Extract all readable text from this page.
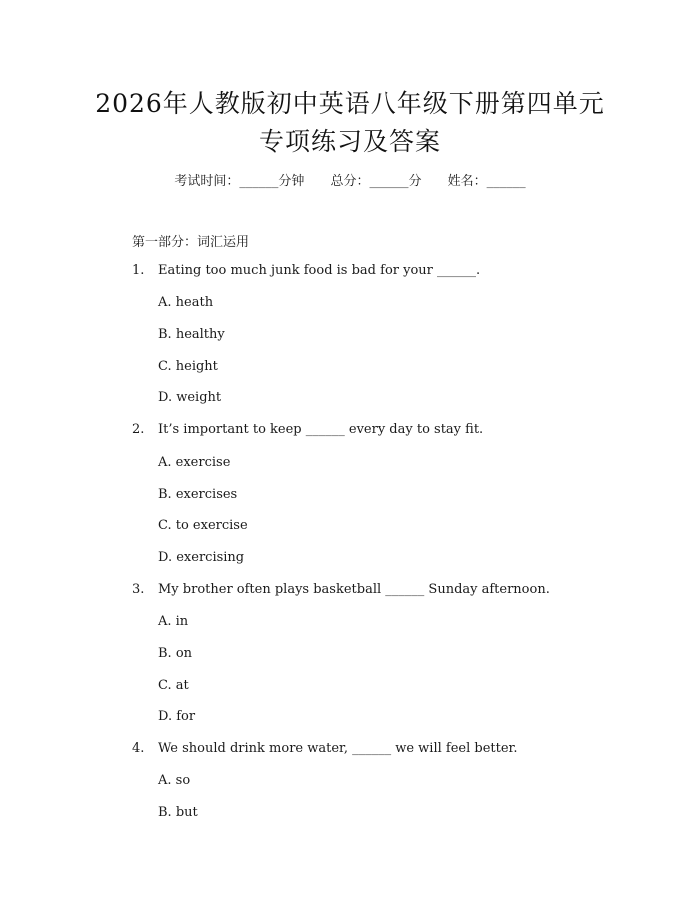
2026年人教版初中英语八年级下册第四单元
专项练习及答案
考试时间：______分钟 总分：______分 姓名：______
第一部分：词汇运用
1. Eating too much junk food is bad for your ______.
A. heath
B. healthy
C. height
D. weight
2. It’s important to keep ______ every day to stay fit.
A. exercise
B. exercises
C. to exercise
D. exercising
3. My brother often plays basketball ______ Sunday afternoon.
A. in
B. on
C. at
D. for
4. We should drink more water, ______ we will feel better.
A. so
B. but
